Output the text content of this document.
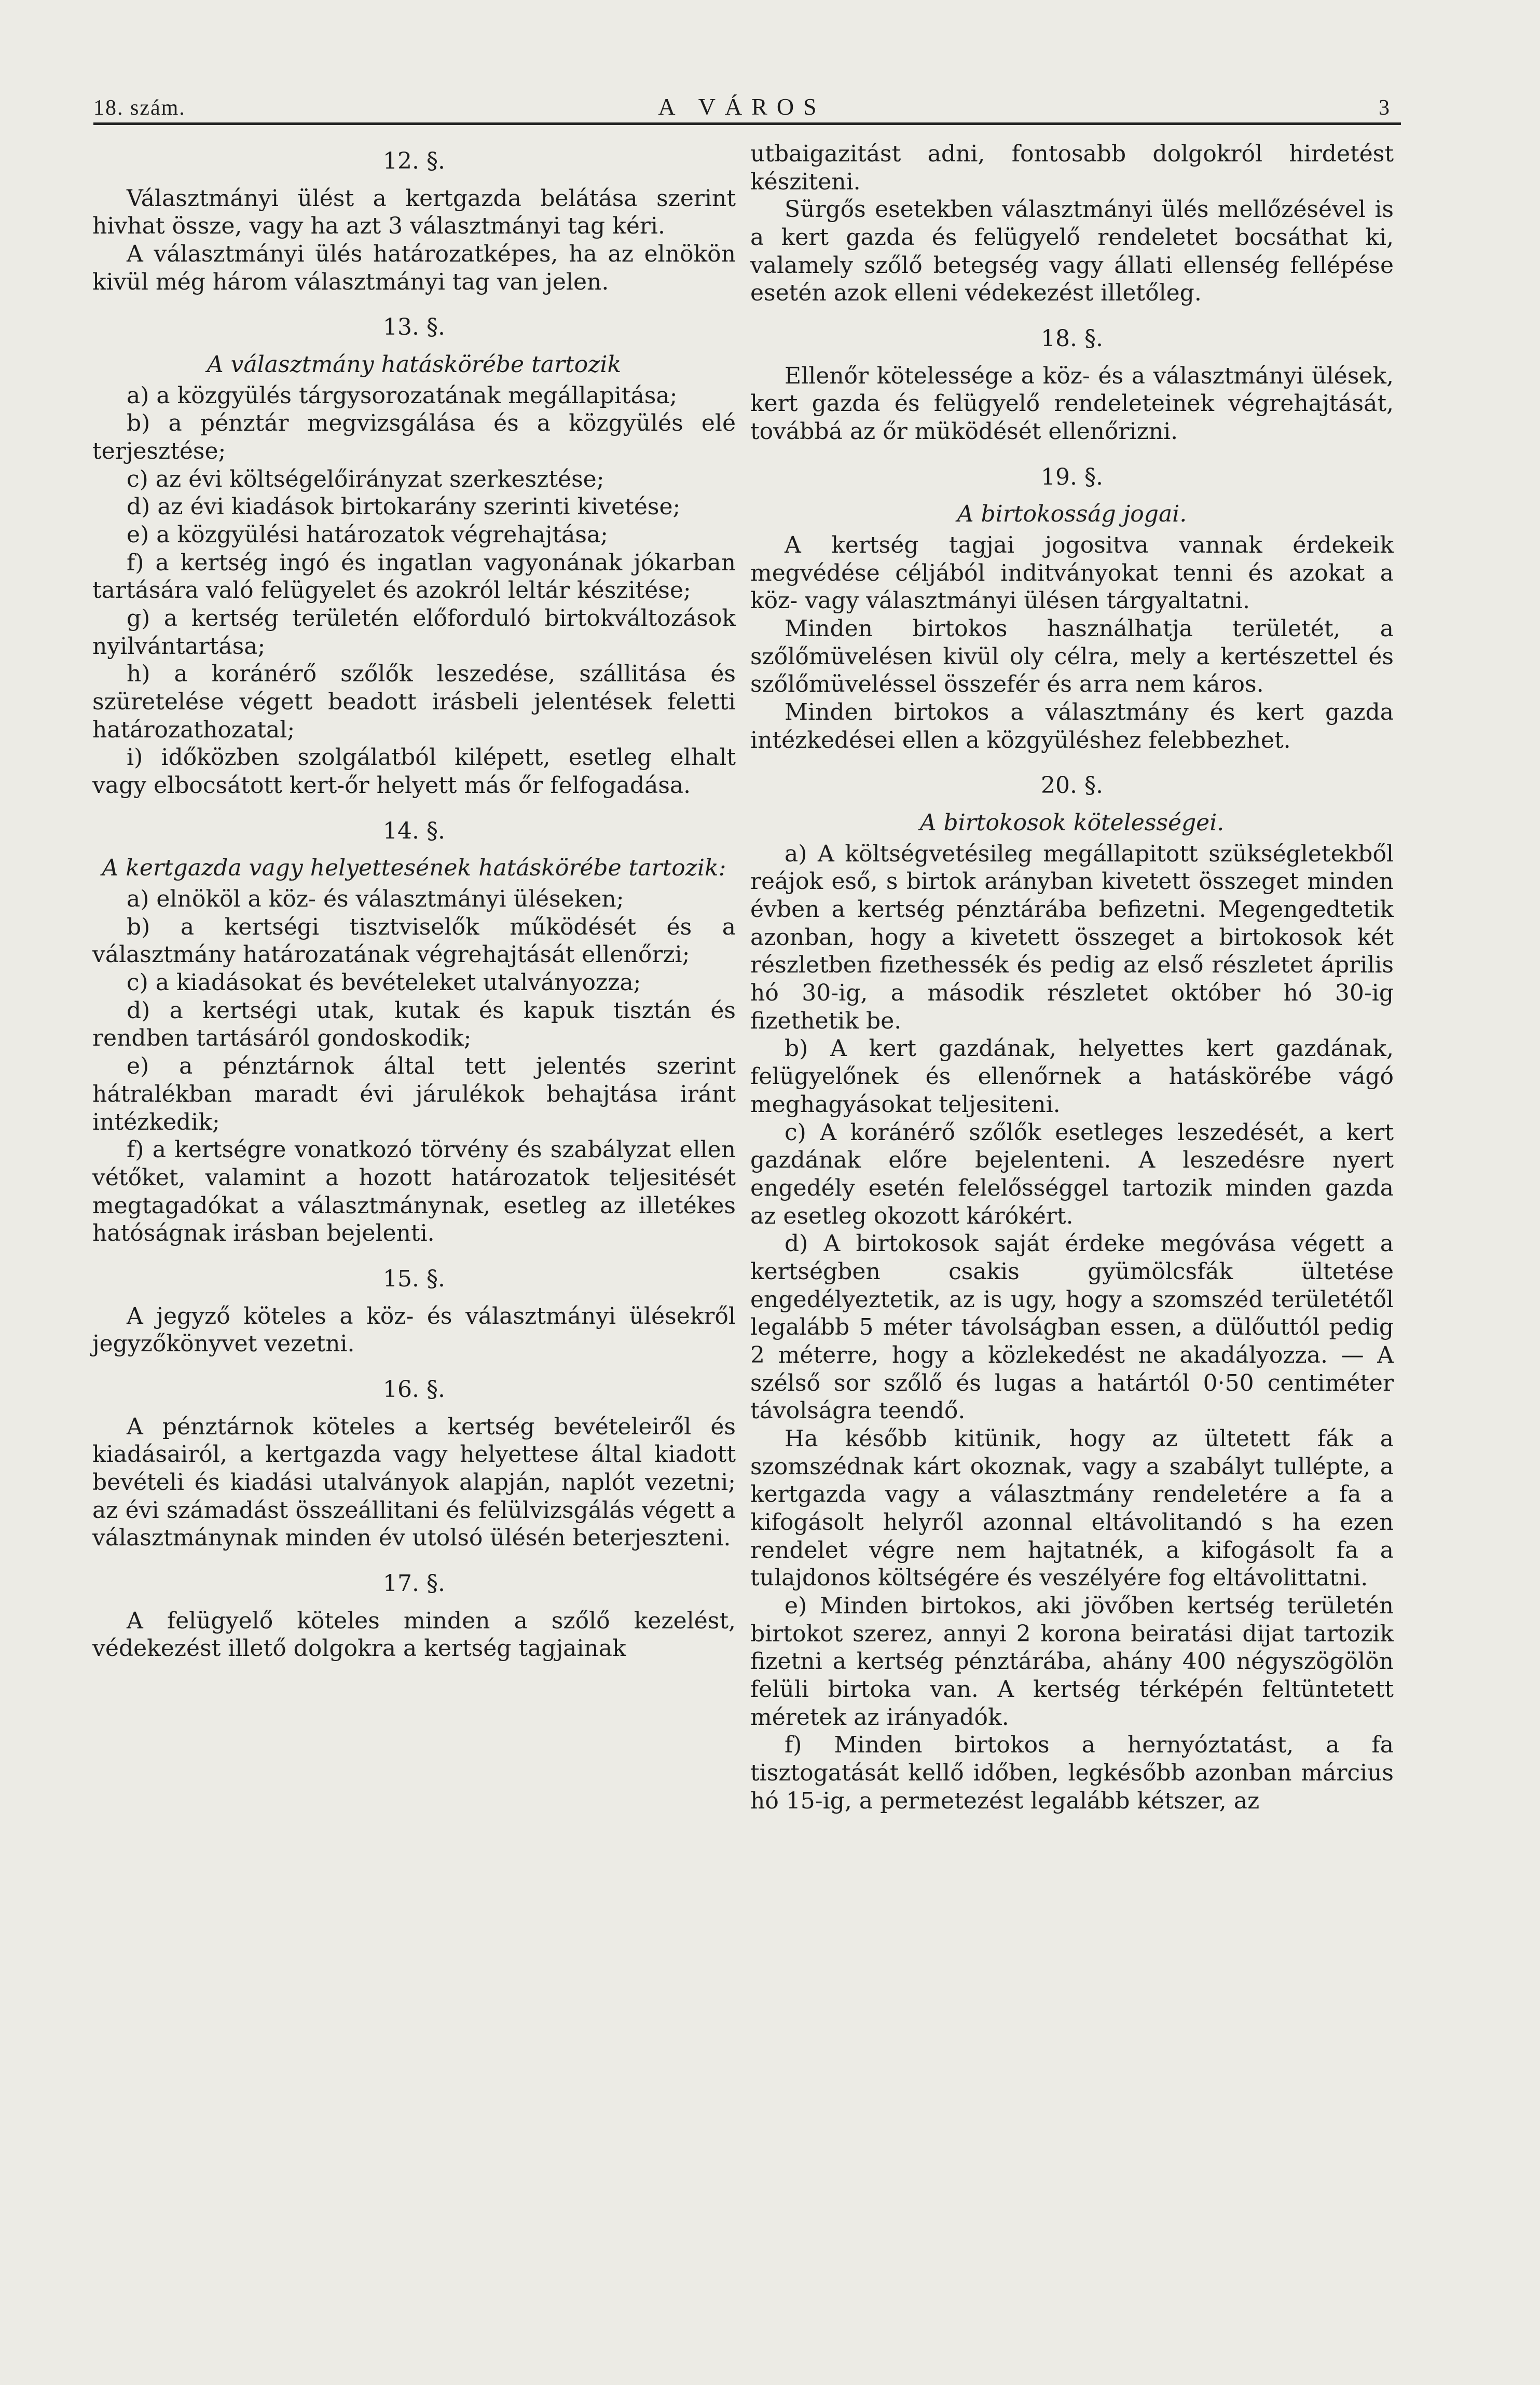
18. szám.	A VÁROS	3

12. §.

Választmányi ülést a kertgazda belátása szerint hivhat össze, vagy ha azt 3 választmányi tag kéri.

A választmányi ülés határozatképes, ha az elnökön kivül még három választmányi tag van jelen.

13. §.

A választmány hatáskörébe tartozik

a) a közgyülés tárgysorozatának megállapitása;

b) a pénztár megvizsgálása és a közgyülés elé terjesztése;

c) az évi költségelőirányzat szerkesztése;

d) az évi kiadások birtokarány szerinti kivetése;

e) a közgyülési határozatok végrehajtása;

f) a kertség ingó és ingatlan vagyonának jókarban tartására való felügyelet és azokról leltár készitése;

g) a kertség területén előforduló birtokváltozások nyilvántartása;

h) a koránérő szőlők leszedése, szállitása és szüretelése végett beadott irásbeli jelentések feletti határozathozatal;

i) időközben szolgálatból kilépett, esetleg elhalt vagy elbocsátott kert-őr helyett más őr felfogadása.

14. §.

A kertgazda vagy helyettesének hatáskörébe tartozik:

a) elnököl a köz- és választmányi üléseken;

b) a kertségi tisztviselők működését és a választmány határozatának végrehajtását ellenőrzi;

c) a kiadásokat és bevételeket utalványozza;

d) a kertségi utak, kutak és kapuk tisztán és rendben tartásáról gondoskodik;

e) a pénztárnok által tett jelentés szerint hátralékban maradt évi járulékok behajtása iránt intézkedik;

f) a kertségre vonatkozó törvény és szabályzat ellen vétőket, valamint a hozott határozatok teljesitését megtagadókat a választmánynak, esetleg az illetékes hatóságnak irásban bejelenti.

15. §.

A jegyző köteles a köz- és választmányi ülésekről jegyzőkönyvet vezetni.

16. §.

A pénztárnok köteles a kertség bevételeiről és kiadásairól, a kertgazda vagy helyettese által kiadott bevételi és kiadási utalványok alapján, naplót vezetni; az évi számadást összeállitani és felülvizsgálás végett a választmánynak minden év utolsó ülésén beterjeszteni.

17. §.

A felügyelő köteles minden a szőlő kezelést, védekezést illető dolgokra a kertség tagjainak

utbaigazitást adni, fontosabb dolgokról hirdetést késziteni.

Sürgős esetekben választmányi ülés mellőzésével is a kert gazda és felügyelő rendeletet bocsáthat ki, valamely szőlő betegség vagy állati ellenség fellépése esetén azok elleni védekezést illetőleg.

18. §.

Ellenőr kötelessége a köz- és a választmányi ülések, kert gazda és felügyelő rendeleteinek végrehajtását, továbbá az őr müködését ellenőrizni.

19. §.

A birtokosság jogai.

A kertség tagjai jogositva vannak érdekeik megvédése céljából inditványokat tenni és azokat a köz- vagy választmányi ülésen tárgyaltatni.

Minden birtokos használhatja területét, a szőlőmüvelésen kivül oly célra, mely a kertészettel és szőlőmüveléssel összefér és arra nem káros.

Minden birtokos a választmány és kert gazda intézkedései ellen a közgyüléshez felebbezhet.

20. §.

A birtokosok kötelességei.

a) A költségvetésileg megállapitott szükségletekből reájok eső, s birtok arányban kivetett összeget minden évben a kertség pénztárába befizetni. Megengedtetik azonban, hogy a kivetett összeget a birtokosok két részletben fizethessék és pedig az első részletet április hó 30-ig, a második részletet október hó 30-ig fizethetik be.

b) A kert gazdának, helyettes kert gazdának, felügyelőnek és ellenőrnek a hatáskörébe vágó meghagyásokat teljesiteni.

c) A koránérő szőlők esetleges leszedését, a kert gazdának előre bejelenteni. A leszedésre nyert engedély esetén felelősséggel tartozik minden gazda az esetleg okozott kárókért.

d) A birtokosok saját érdeke megóvása végett a kertségben csakis gyümölcsfák ültetése engedélyeztetik, az is ugy, hogy a szomszéd területétől legalább 5 méter távolságban essen, a dülőuttól pedig 2 méterre, hogy a közlekedést ne akadályozza. — A szélső sor szőlő és lugas a határtól 0·50 centiméter távolságra teendő.

Ha később kitünik, hogy az ültetett fák a szomszédnak kárt okoznak, vagy a szabályt tullépte, a kertgazda vagy a választmány rendeletére a fa a kifogásolt helyről azonnal eltávolitandó s ha ezen rendelet végre nem hajtatnék, a kifogásolt fa a tulajdonos költségére és veszélyére fog eltávolittatni.

e) Minden birtokos, aki jövőben kertség területén birtokot szerez, annyi 2 korona beiratási dijat tartozik fizetni a kertség pénztárába, ahány 400 négyszögölön felüli birtoka van. A kertség térképén feltüntetett méretek az irányadók.

f) Minden birtokos a hernyóztatást, a fa tisztogatását kellő időben, legkésőbb azonban március hó 15-ig, a permetezést legalább kétszer, az
